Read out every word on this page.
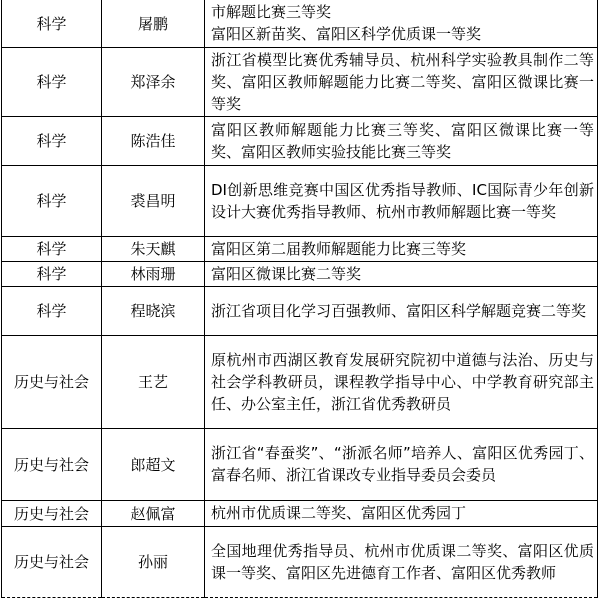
科学	屠鹏	市解题比赛三等奖
富阳区新苗奖、富阳区科学优质课一等奖
科学	郑泽余	浙江省模型比赛优秀辅导员、杭州科学实验教具制作二等奖、富阳区教师解题能力比赛二等奖、富阳区微课比赛一等奖
科学	陈浩佳	富阳区教师解题能力比赛三等奖、富阳区微课比赛一等奖、富阳区教师实验技能比赛三等奖
科学	裘昌明	DI创新思维竞赛中国区优秀指导教师、IC国际青少年创新设计大赛优秀指导教师、杭州市教师解题比赛一等奖
科学	朱天麒	富阳区第二届教师解题能力比赛三等奖
科学	林雨珊	富阳区微课比赛二等奖
科学	程晓滨	浙江省项目化学习百强教师、富阳区科学解题竞赛二等奖
历史与社会	王艺	原杭州市西湖区教育发展研究院初中道德与法治、历史与社会学科教研员，课程教学指导中心、中学教育研究部主任、办公室主任，浙江省优秀教研员
历史与社会	郎超文	浙江省“春蚕奖”、“浙派名师”培养人、富阳区优秀园丁、富春名师、浙江省课改专业指导委员会委员
历史与社会	赵佩富	杭州市优质课二等奖、富阳区优秀园丁
历史与社会	孙丽	全国地理优秀指导员、杭州市优质课二等奖、富阳区优质课一等奖、富阳区先进德育工作者、富阳区优秀教师
